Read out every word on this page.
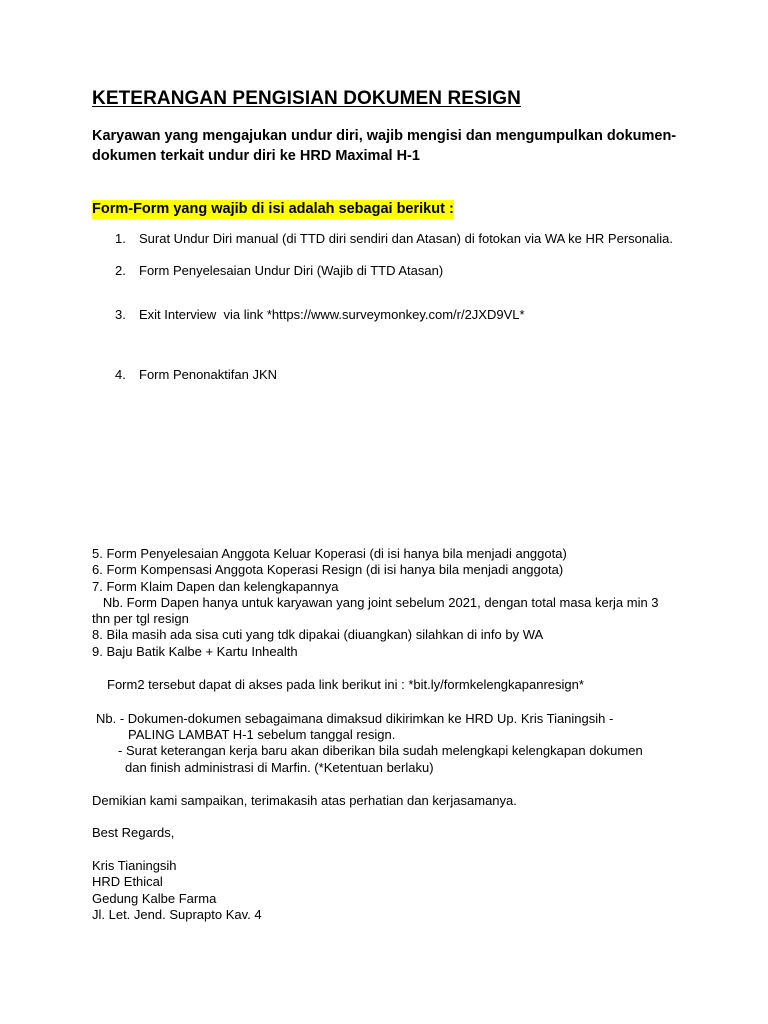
KETERANGAN PENGISIAN DOKUMEN RESIGN
Karyawan yang mengajukan undur diri, wajib mengisi dan mengumpulkan dokumen-
dokumen terkait undur diri ke HRD Maximal H-1
Form-Form yang wajib di isi adalah sebagai berikut :
1. Surat Undur Diri manual (di TTD diri sendiri dan Atasan) di fotokan via WA ke HR Personalia.
2. Form Penyelesaian Undur Diri (Wajib di TTD Atasan)
3. Exit Interview  via link *https://www.surveymonkey.com/r/2JXD9VL*
4. Form Penonaktifan JKN
5. Form Penyelesaian Anggota Keluar Koperasi (di isi hanya bila menjadi anggota)
6. Form Kompensasi Anggota Koperasi Resign (di isi hanya bila menjadi anggota)
7. Form Klaim Dapen dan kelengkapannya
Nb. Form Dapen hanya untuk karyawan yang joint sebelum 2021, dengan total masa kerja min 3
thn per tgl resign
8. Bila masih ada sisa cuti yang tdk dipakai (diuangkan) silahkan di info by WA
9. Baju Batik Kalbe + Kartu Inhealth
Form2 tersebut dapat di akses pada link berikut ini : *bit.ly/formkelengkapanresign*
Nb. - Dokumen-dokumen sebagaimana dimaksud dikirimkan ke HRD Up. Kris Tianingsih -
PALING LAMBAT H-1 sebelum tanggal resign.
- Surat keterangan kerja baru akan diberikan bila sudah melengkapi kelengkapan dokumen
dan finish administrasi di Marfin. (*Ketentuan berlaku)
Demikian kami sampaikan, terimakasih atas perhatian dan kerjasamanya.
Best Regards,
Kris Tianingsih
HRD Ethical
Gedung Kalbe Farma
Jl. Let. Jend. Suprapto Kav. 4
